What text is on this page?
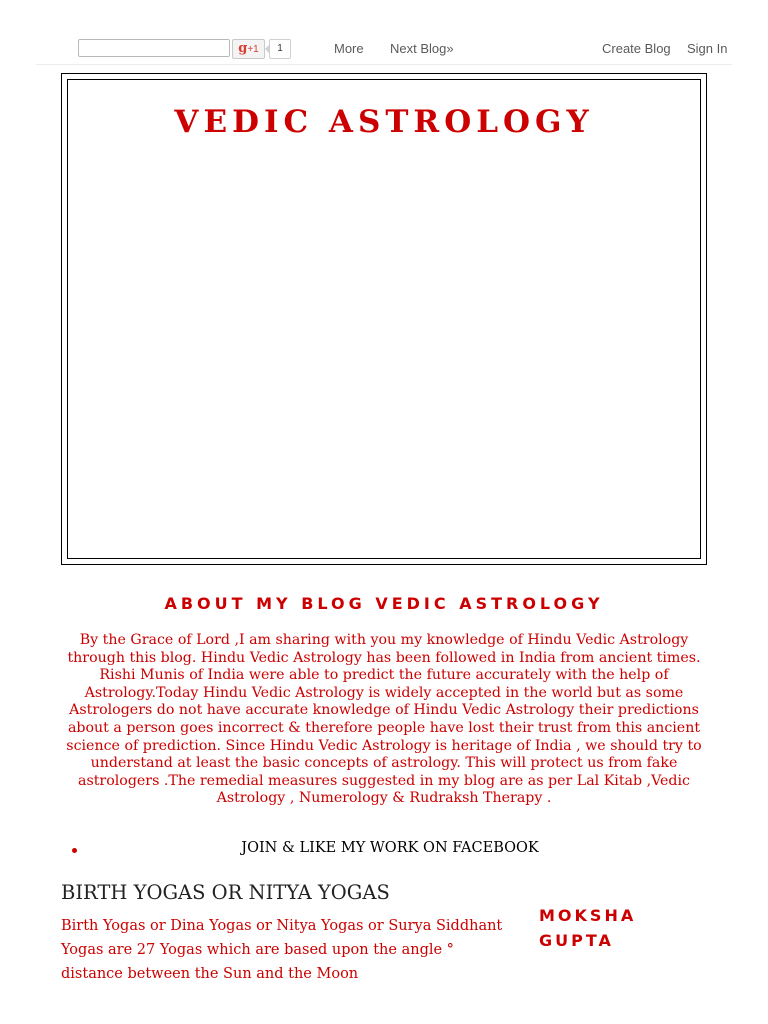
g+1	1	More Next Blog»	Create Blog Sign In
VEDIC ASTROLOGY
ABOUT MY BLOG VEDIC ASTROLOGY

By the Grace of Lord ,I am sharing with you my knowledge of Hindu Vedic Astrology through this blog. Hindu Vedic Astrology has been followed in India from ancient times. Rishi Munis of India were able to predict the future accurately with the help of Astrology.Today Hindu Vedic Astrology is widely accepted in the world but as some Astrologers do not have accurate knowledge of Hindu Vedic Astrology their predictions about a person goes incorrect & therefore people have lost their trust from this ancient science of prediction. Since Hindu Vedic Astrology is heritage of India , we should try to understand at least the basic concepts of astrology. This will protect us from fake astrologers .The remedial measures suggested in my blog are as per Lal Kitab ,Vedic Astrology , Numerology & Rudraksh Therapy .

JOIN & LIKE MY WORK ON FACEBOOK
BIRTH YOGAS OR NITYA YOGAS

Birth Yogas or Dina Yogas or Nitya Yogas or Surya Siddhant Yogas are 27 Yogas which are based upon the angle ° distance between the Sun and the Moon

MOKSHA GUPTA
